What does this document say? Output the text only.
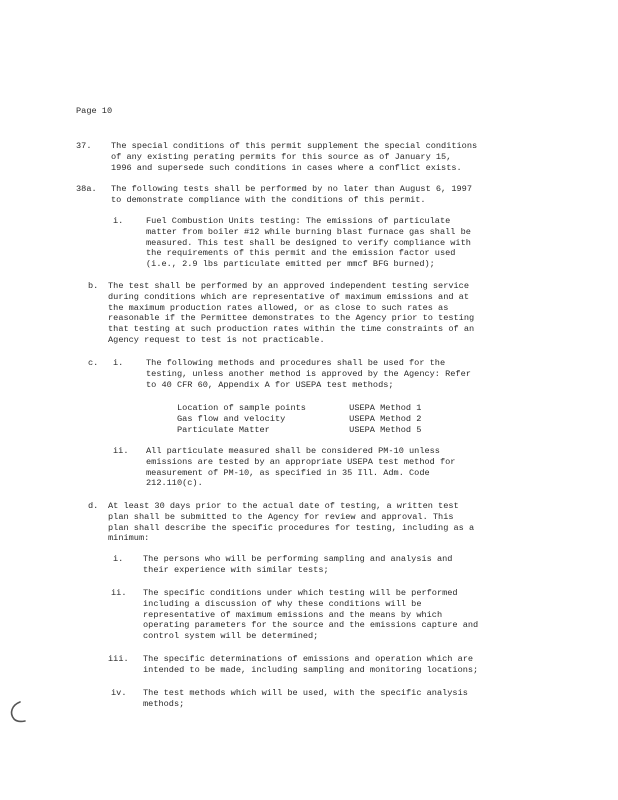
Page 10
37. The special conditions of this permit supplement the special conditions
of any existing perating permits for this source as of January 15,
1996 and supersede such conditions in cases where a conflict exists.
38a. The following tests shall be performed by no later than August 6, 1997
to demonstrate compliance with the conditions of this permit.
i.	Fuel Combustion Units testing: The emissions of particulate
matter from boiler #12 while burning blast furnace gas shall be
measured. This test shall be designed to verify compliance with
the requirements of this permit and the emission factor used
(i.e., 2.9 lbs particulate emitted per mmcf BFG burned);
b. The test shall be performed by an approved independent testing service
during conditions which are representative of maximum emissions and at
the maximum production rates allowed, or as close to such rates as
reasonable if the Permittee demonstrates to the Agency prior to testing
that testing at such production rates within the time constraints of an
Agency request to test is not practicable.
c. i.	The following methods and procedures shall be used for the
testing, unless another method is approved by the Agency: Refer
to 40 CFR 60, Appendix A for USEPA test methods;
Location of sample points	USEPA Method 1
Gas flow and velocity	USEPA Method 2
Particulate Matter	USEPA Method 5
ii. All particulate measured shall be considered PM-10 unless
emissions are tested by an appropriate USEPA test method for
measurement of PM-10, as specified in 35 Ill. Adm. Code
212.110(c).
d. At least 30 days prior to the actual date of testing, a written test
plan shall be submitted to the Agency for review and approval. This
plan shall describe the specific procedures for testing, including as a
minimum:
i. The persons who will be performing sampling and analysis and
their experience with similar tests;
ii. The specific conditions under which testing will be performed
including a discussion of why these conditions will be
representative of maximum emissions and the means by which
operating parameters for the source and the emissions capture and
control system will be determined;
iii. The specific determinations of emissions and operation which are
intended to be made, including sampling and monitoring locations;
iv. The test methods which will be used, with the specific analysis
methods;
